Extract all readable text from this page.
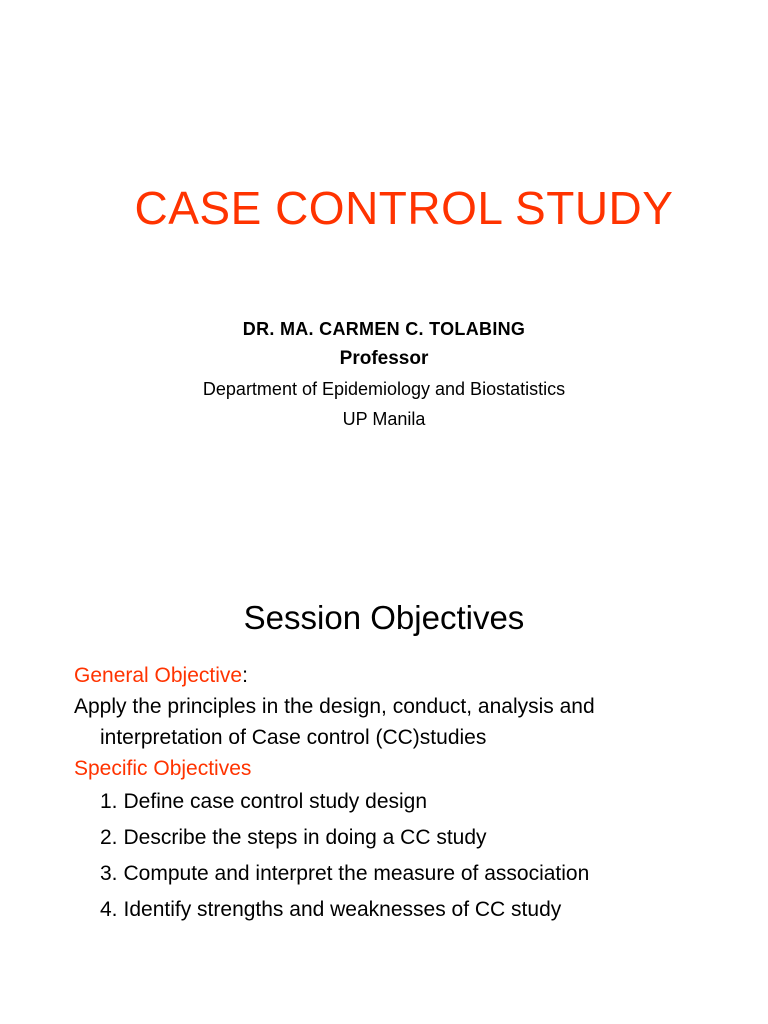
CASE CONTROL STUDY
DR. MA. CARMEN C. TOLABING
Professor
Department of Epidemiology and Biostatistics
UP Manila
Session Objectives
General Objective:
Apply the principles in the design, conduct, analysis and
interpretation of Case control (CC)studies
Specific Objectives
1. Define case control study design
2. Describe the steps in doing a CC study
3. Compute and interpret the measure of association
4. Identify strengths and weaknesses of CC study
